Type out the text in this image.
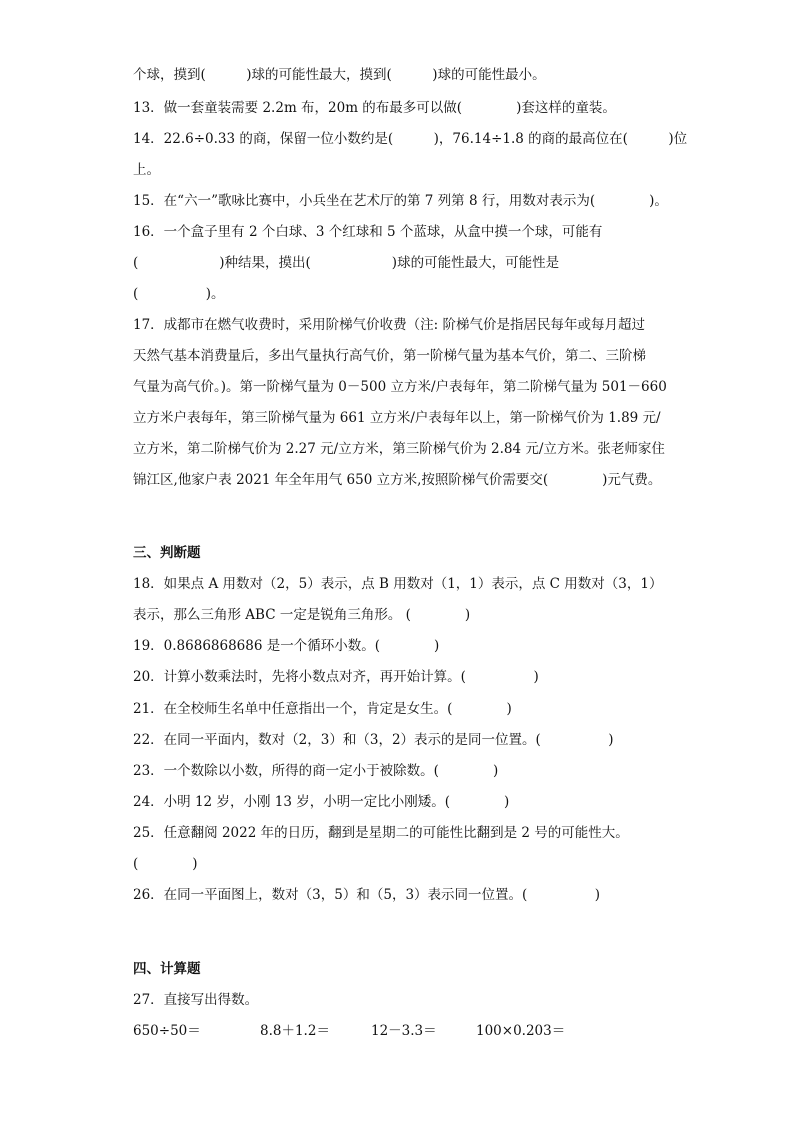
个球，摸到(　　　)球的可能性最大，摸到(　　　)球的可能性最小。
13．做一套童装需要 2.2m 布，20m 的布最多可以做(　　　　)套这样的童装。
14．22.6÷0.33 的商，保留一位小数约是(　　　)，76.14÷1.8 的商的最高位在(　　　)位
上。
15．在“六一”歌咏比赛中，小兵坐在艺术厅的第 7 列第 8 行，用数对表示为(　　　　)。
16．一个盒子里有 2 个白球、3 个红球和 5 个蓝球，从盒中摸一个球，可能有
(　　　　　　)种结果，摸出(　　　　　　)球的可能性最大，可能性是
(　　　　　)。
17．成都市在燃气收费时，采用阶梯气价收费（注: 阶梯气价是指居民每年或每月超过
天然气基本消费量后，多出气量执行高气价，第一阶梯气量为基本气价，第二、三阶梯
气量为高气价。)。第一阶梯气量为 0－500 立方米/户表每年，第二阶梯气量为 501－660
立方米户表每年，第三阶梯气量为 661 立方米/户表每年以上，第一阶梯气价为 1.89 元/
立方米，第二阶梯气价为 2.27 元/立方米，第三阶梯气价为 2.84 元/立方米。张老师家住
锦江区,他家户表 2021 年全年用气 650 立方米,按照阶梯气价需要交(　　　　)元气费。
三、判断题
18．如果点 A 用数对（2，5）表示，点 B 用数对（1，1）表示，点 C 用数对（3，1）
表示，那么三角形 ABC 一定是锐角三角形。 (　　　　)
19．0.8686868686 是一个循环小数。(　　　　)
20．计算小数乘法时，先将小数点对齐，再开始计算。(　　　　　)
21．在全校师生名单中任意指出一个，肯定是女生。(　　　　)
22．在同一平面内，数对（2，3）和（3，2）表示的是同一位置。(　　　　　)
23．一个数除以小数，所得的商一定小于被除数。(　　　　)
24．小明 12 岁，小刚 13 岁，小明一定比小刚矮。(　　　　)
25．任意翻阅 2022 年的日历，翻到是星期二的可能性比翻到是 2 号的可能性大。
(　　　　)
26．在同一平面图上，数对（3，5）和（5，3）表示同一位置。(　　　　　)
四、计算题
27．直接写出得数。
650÷50＝	8.8＋1.2＝	12－3.3＝	100×0.203＝
